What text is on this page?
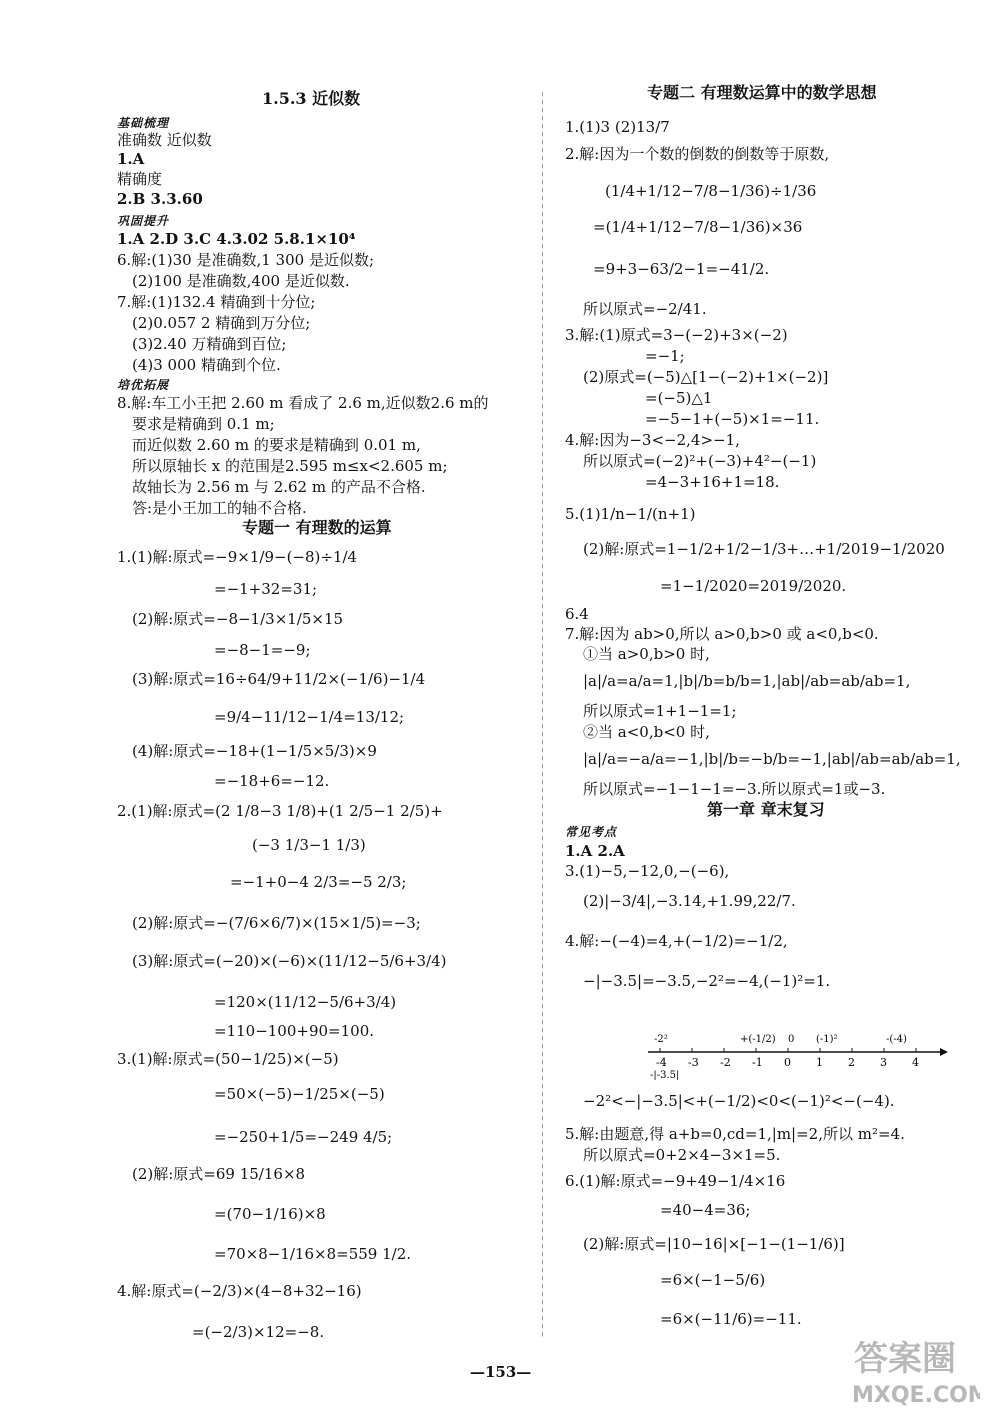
1.5.3 近似数
基础梳理
准确数 近似数
1.A
精确度
2.B 3.3.60
巩固提升
1.A 2.D 3.C 4.3.02 5.8.1×10⁴
6.解:(1)30 是准确数,1 300 是近似数;
(2)100 是准确数,400 是近似数.
7.解:(1)132.4 精确到十分位;
(2)0.057 2 精确到万分位;
(3)2.40 万精确到百位;
(4)3 000 精确到个位.
培优拓展
8.解:车工小王把 2.60 m 看成了 2.6 m,近似数2.6 m的
要求是精确到 0.1 m;
而近似数 2.60 m 的要求是精确到 0.01 m,
所以原轴长 x 的范围是2.595 m≤x<2.605 m;
故轴长为 2.56 m 与 2.62 m 的产品不合格.
答:是小王加工的轴不合格.
专题一 有理数的运算
1.(1)解:原式=−9×1/9−(−8)÷1/4
=−1+32=31;
(2)解:原式=−8−1/3×1/5×15
=−8−1=−9;
(3)解:原式=16÷64/9+11/2×(−1/6)−1/4
=9/4−11/12−1/4=13/12;
(4)解:原式=−18+(1−1/5×5/3)×9
=−18+6=−12.
2.(1)解:原式=(2 1/8−3 1/8)+(1 2/5−1 2/5)+
(−3 1/3−1 1/3)
=−1+0−4 2/3=−5 2/3;
(2)解:原式=−(7/6×6/7)×(15×1/5)=−3;
(3)解:原式=(−20)×(−6)×(11/12−5/6+3/4)
=120×(11/12−5/6+3/4)
=110−100+90=100.
3.(1)解:原式=(50−1/25)×(−5)
=50×(−5)−1/25×(−5)
=−250+1/5=−249 4/5;
(2)解:原式=69 15/16×8
=(70−1/16)×8
=70×8−1/16×8=559 1/2.
4.解:原式=(−2/3)×(4−8+32−16)
=(−2/3)×12=−8.
专题二 有理数运算中的数学思想
1.(1)3 (2)13/7
2.解:因为一个数的倒数的倒数等于原数,
(1/4+1/12−7/8−1/36)÷1/36
=(1/4+1/12−7/8−1/36)×36
=9+3−63/2−1=−41/2.
所以原式=−2/41.
3.解:(1)原式=3−(−2)+3×(−2)
=−1;
(2)原式=(−5)△[1−(−2)+1×(−2)]
=(−5)△1
=−5−1+(−5)×1=−11.
4.解:因为−3<−2,4>−1,
所以原式=(−2)²+(−3)+4²−(−1)
=4−3+16+1=18.
5.(1)1/n−1/(n+1)
(2)解:原式=1−1/2+1/2−1/3+…+1/2019−1/2020
=1−1/2020=2019/2020.
6.4
7.解:因为 ab>0,所以 a>0,b>0 或 a<0,b<0.
①当 a>0,b>0 时,
|a|/a=a/a=1,|b|/b=b/b=1,|ab|/ab=ab/ab=1,
所以原式=1+1−1=1;
②当 a<0,b<0 时,
|a|/a=−a/a=−1,|b|/b=−b/b=−1,|ab|/ab=ab/ab=1,
所以原式=−1−1−1=−3.所以原式=1或−3.
第一章 章末复习
常见考点
1.A 2.A
3.(1)−5,−12,0,−(−6),
(2)|−3/4|,−3.14,+1.99,22/7.
4.解:−(−4)=4,+(−1/2)=−1/2,
−|−3.5|=−3.5,−2²=−4,(−1)²=1.
−2²<−|−3.5|<+(−1/2)<0<(−1)²<−(−4).
5.解:由题意,得 a+b=0,cd=1,|m|=2,所以 m²=4.
所以原式=0+2×4−3×1=5.
6.(1)解:原式=−9+49−1/4×16
=40−4=36;
(2)解:原式=|10−16|×[−1−(1−1/6)]
=6×(−1−5/6)
=6×(−11/6)=−11.
-4 -3 -2 -1 0 1 2 3 4
-2²	+(-1/2) 0 (-1)²	-(-4)
-|-3.5|
—153—	答案圈
MXQE.COM
